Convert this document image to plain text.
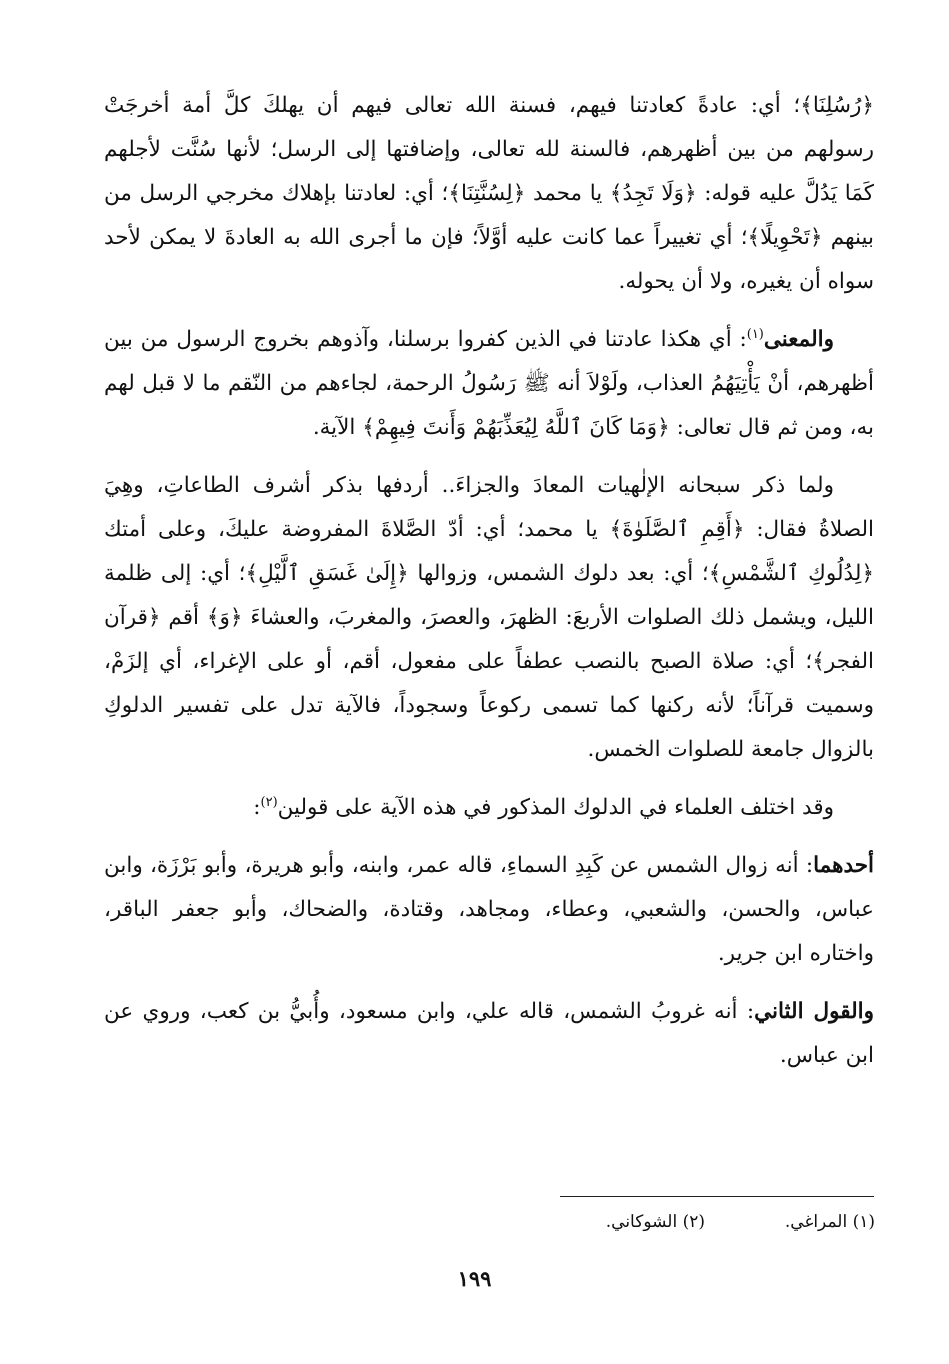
﴿رُسُلِنَا﴾؛ أي: عادةً كعادتنا فيهم، فسنة الله تعالى فيهم أن يهلكَ كلَّ أمة أخرجَتْ رسولهم من بين أظهرهم، فالسنة لله تعالى، وإضافتها إلى الرسل؛ لأنها سُنَّت لأجلهم كَمَا يَدُلَّ عليه قوله: ﴿وَلَا تَجِدُ﴾ يا محمد ﴿لِسُنَّتِنَا﴾؛ أي: لعادتنا بإهلاك مخرجي الرسل من بينهم ﴿تَحْوِيلًا﴾؛ أي تغييراً عما كانت عليه أوَّلاً؛ فإن ما أجرى الله به العادةَ لا يمكن لأحد سواه أن يغيره، ولا أن يحوله.

والمعنى$^{(١)}$: أي هكذا عادتنا في الذين كفروا برسلنا، وآذوهم بخروج الرسول من بين أظهرهم، أنْ يَأْتِيَهُمُ العذاب، ولَوْلاَ أنه ﷺ رَسُولُ الرحمة، لجاءهم من النّقم ما لا قبل لهم به، ومن ثم قال تعالى: ﴿وَمَا كَانَ ٱللَّهُ لِيُعَذِّبَهُمْ وَأَنتَ فِيهِمْ﴾ الآية.

ولما ذكر سبحانه الإلٰهيات المعادَ والجزاءَ.. أردفها بذكر أشرف الطاعاتِ، وهِيَ الصلاةُ فقال: ﴿أَقِمِ ٱلصَّلَوٰةَ﴾ يا محمد؛ أي: أدّ الصَّلاةَ المفروضة عليكَ، وعلى أمتك ﴿لِدُلُوكِ ٱلشَّمْسِ﴾؛ أي: بعد دلوك الشمس، وزوالها ﴿إِلَىٰ غَسَقِ ٱلَّيْلِ﴾؛ أي: إلى ظلمة الليل، ويشمل ذلك الصلوات الأربعَ: الظهرَ، والعصرَ، والمغربَ، والعشاءَ ﴿وَ﴾ أقم ﴿قرآن الفجر﴾؛ أي: صلاة الصبح بالنصب عطفاً على مفعول، أقم، أو على الإغراء، أي إلزَمْ، وسميت قرآناً؛ لأنه ركنها كما تسمى ركوعاً وسجوداً، فالآية تدل على تفسير الدلوكِ بالزوال جامعة للصلوات الخمس.

وقد اختلف العلماء في الدلوك المذكور في هذه الآية على قولين$^{(٢)}$:

أحدهما: أنه زوال الشمس عن كَبِدِ السماءِ، قاله عمر، وابنه، وأبو هريرة، وأبو بَرْزَة، وابن عباس، والحسن، والشعبي، وعطاء، ومجاهد، وقتادة، والضحاك، وأبو جعفر الباقر، واختاره ابن جرير.

والقول الثاني: أنه غروبُ الشمس، قاله علي، وابن مسعود، وأُبيُّ بن كعب، وروي عن ابن عباس.

(١) المراغي.
(٢) الشوكاني.
١٩٩
